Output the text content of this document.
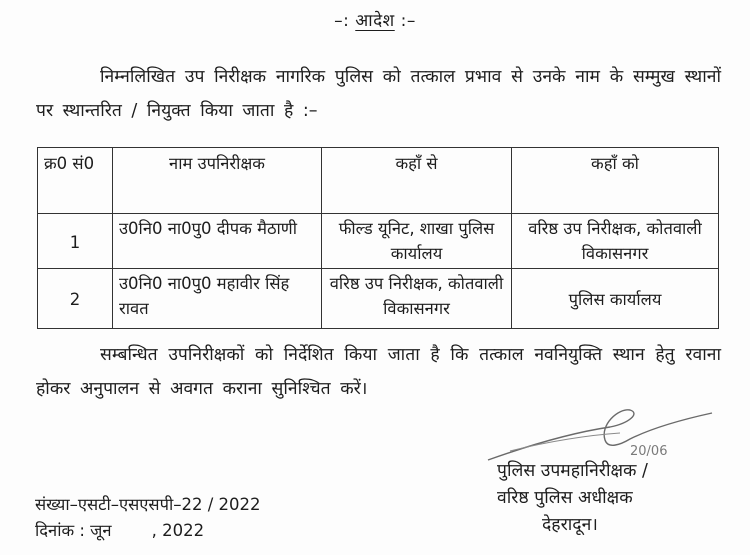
–: आदेश :–
निम्नलिखित उप निरीक्षक नागरिक पुलिस को तत्काल प्रभाव से उनके नाम के सम्मुख स्थानों पर स्थान्तरित / नियुक्त किया जाता है :–
क्र0 सं0	नाम उपनिरीक्षक	कहाँ से	कहाँ को
1	उ0नि0 ना0पु0 दीपक मैठाणी	फील्ड यूनिट, शाखा पुलिस कार्यालय	वरिष्ठ उप निरीक्षक, कोतवाली विकासनगर
2	उ0नि0 ना0पु0 महावीर सिंह रावत	वरिष्ठ उप निरीक्षक, कोतवाली विकासनगर	पुलिस कार्यालय
सम्बन्धित उपनिरीक्षकों को निर्देशित किया जाता है कि तत्काल नवनियुक्ति स्थान हेतु रवाना होकर अनुपालन से अवगत कराना सुनिश्चित करें।
20/06
पुलिस उपमहानिरीक्षक /
वरिष्ठ पुलिस अधीक्षक
देहरादून।
संख्या–एसटी–एसएसपी–22 / 2022
दिनांक : जून , 2022
